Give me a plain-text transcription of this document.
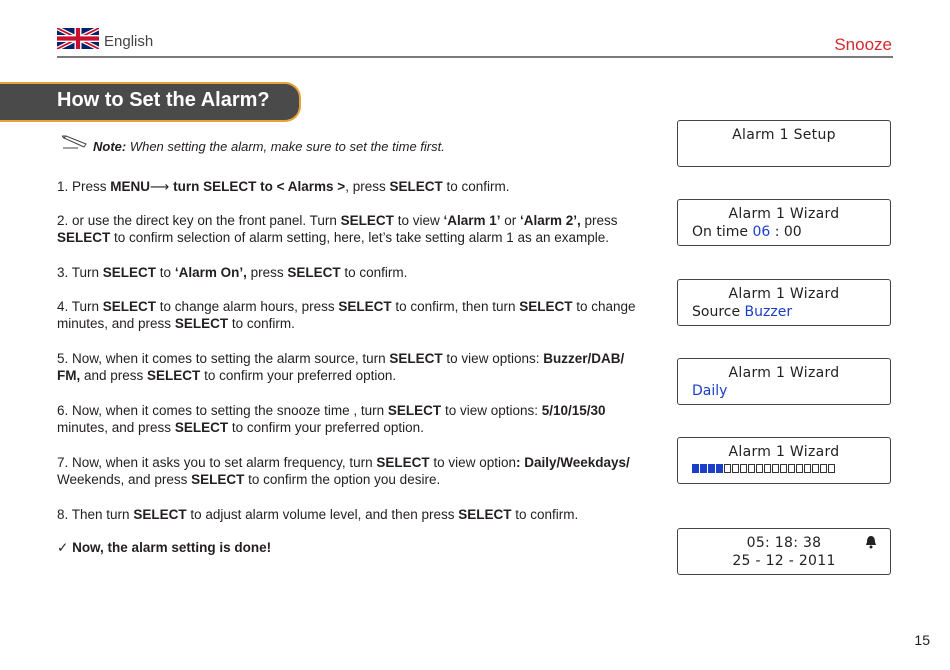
English	Snooze
How to Set the Alarm?
Note: When setting the alarm, make sure to set the time first.
1. Press MENU⟶ turn SELECT to < Alarms >, press SELECT to confirm.
2. or use the direct key on the front panel. Turn SELECT to view ‘Alarm 1’ or ‘Alarm 2’, press SELECT to confirm selection of alarm setting, here, let’s take setting alarm 1 as an example.
3. Turn SELECT to ‘Alarm On’, press SELECT to confirm.
4. Turn SELECT to change alarm hours, press SELECT to confirm, then turn SELECT to change minutes, and press SELECT to confirm.
5. Now, when it comes to setting the alarm source, turn SELECT to view options: Buzzer/DAB/ FM, and press SELECT to confirm your preferred option.
6. Now, when it comes to setting the snooze time , turn SELECT to view options: 5/10/15/30 minutes, and press SELECT to confirm your preferred option.
7. Now, when it asks you to set alarm frequency, turn SELECT to view option: Daily/Weekdays/ Weekends, and press SELECT to confirm the option you desire.
8. Then turn SELECT to adjust alarm volume level, and then press SELECT to confirm.
✓ Now, the alarm setting is done!
Alarm 1 Setup
Alarm 1 Wizard
On time 06 : 00
Alarm 1 Wizard
Source Buzzer
Alarm 1 Wizard
Daily
Alarm 1 Wizard
05: 18: 38
25 - 12 - 2011
15
